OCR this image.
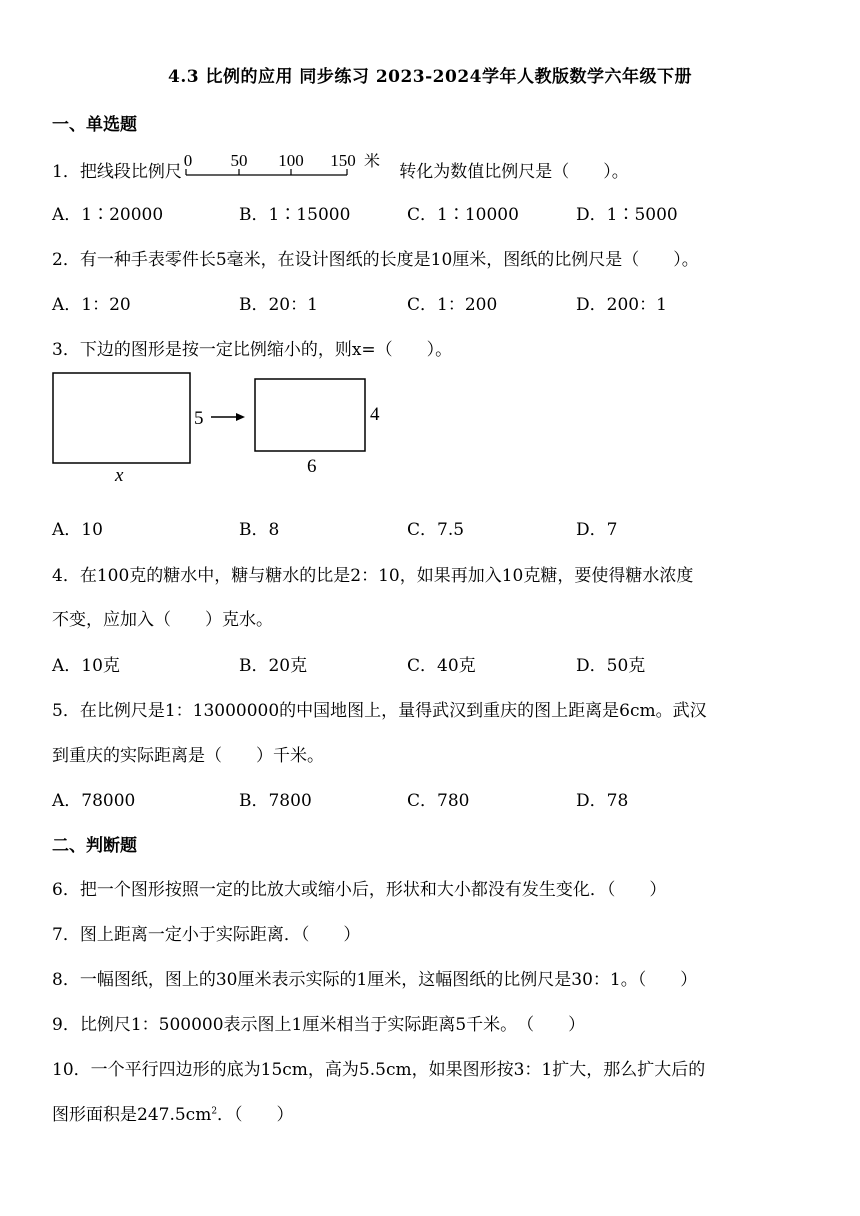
4.3 比例的应用 同步练习 2023-2024学年人教版数学六年级下册
一、单选题
1．把线段比例尺
0 50 100 150 米
转化为数值比例尺是（　　）。
A．1∶20000	B．1∶15000	C．1∶10000	D．1∶5000
2．有一种手表零件长5毫米，在设计图纸的长度是10厘米，图纸的比例尺是（　　）。
A．1：20	B．20：1	C．1：200	D．200：1
3．下边的图形是按一定比例缩小的，则x=（　　）。
5	4
6
x
A．10	B．8	C．7.5	D．7
4．在100克的糖水中，糖与糖水的比是2：10，如果再加入10克糖，要使得糖水浓度
不变，应加入（　　）克水。
A．10克	B．20克	C．40克	D．50克
5．在比例尺是1：13000000的中国地图上，量得武汉到重庆的图上距离是6cm。武汉
到重庆的实际距离是（　　）千米。
A．78000	B．7800	C．780	D．78
二、判断题
6．把一个图形按照一定的比放大或缩小后，形状和大小都没有发生变化．（　　）
7．图上距离一定小于实际距离．（　　）
8．一幅图纸，图上的30厘米表示实际的1厘米，这幅图纸的比例尺是30：1。（　　）
9．比例尺1：500000表示图上1厘米相当于实际距离5千米。　（　　）
10．一个平行四边形的底为15cm，高为5.5cm，如果图形按3：1扩大，那么扩大后的
图形面积是$247.5cm^2$．（　　）
